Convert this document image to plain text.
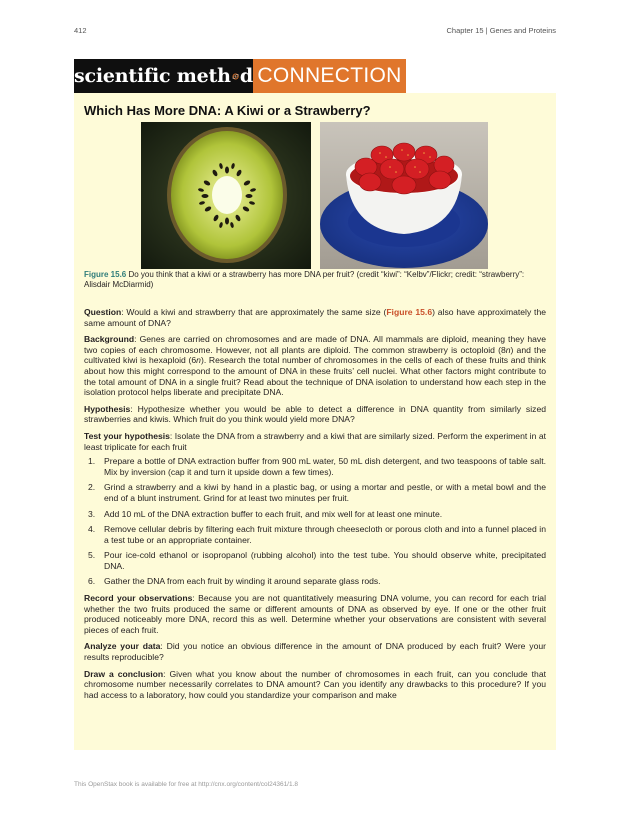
412	Chapter 15 | Genes and Proteins
scientific meth d CONNECTION
Which Has More DNA: A Kiwi or a Strawberry?
Figure 15.6 Do you think that a kiwi or a strawberry has more DNA per fruit? (credit “kiwi”: “Kelbv”/Flickr; credit: “strawberry”: Alisdair McDiarmid)

Question: Would a kiwi and strawberry that are approximately the same size (Figure 15.6) also have approximately the same amount of DNA?

Background: Genes are carried on chromosomes and are made of DNA. All mammals are diploid, meaning they have two copies of each chromosome. However, not all plants are diploid. The common strawberry is octoploid (8n) and the cultivated kiwi is hexaploid (6n). Research the total number of chromosomes in the cells of each of these fruits and think about how this might correspond to the amount of DNA in these fruits’ cell nuclei. What other factors might contribute to the total amount of DNA in a single fruit? Read about the technique of DNA isolation to understand how each step in the isolation protocol helps liberate and precipitate DNA.

Hypothesis: Hypothesize whether you would be able to detect a difference in DNA quantity from similarly sized strawberries and kiwis. Which fruit do you think would yield more DNA?

Test your hypothesis: Isolate the DNA from a strawberry and a kiwi that are similarly sized. Perform the experiment in at least triplicate for each fruit

1.	Prepare a bottle of DNA extraction buffer from 900 mL water, 50 mL dish detergent, and two teaspoons of table salt. Mix by inversion (cap it and turn it upside down a few times).
2.	Grind a strawberry and a kiwi by hand in a plastic bag, or using a mortar and pestle, or with a metal bowl and the end of a blunt instrument. Grind for at least two minutes per fruit.
3.	Add 10 mL of the DNA extraction buffer to each fruit, and mix well for at least one minute.
4.	Remove cellular debris by filtering each fruit mixture through cheesecloth or porous cloth and into a funnel placed in a test tube or an appropriate container.
5.	Pour ice-cold ethanol or isopropanol (rubbing alcohol) into the test tube. You should observe white, precipitated DNA.
6.	Gather the DNA from each fruit by winding it around separate glass rods.

Record your observations: Because you are not quantitatively measuring DNA volume, you can record for each trial whether the two fruits produced the same or different amounts of DNA as observed by eye. If one or the other fruit produced noticeably more DNA, record this as well. Determine whether your observations are consistent with several pieces of each fruit.

Analyze your data: Did you notice an obvious difference in the amount of DNA produced by each fruit? Were your results reproducible?

Draw a conclusion: Given what you know about the number of chromosomes in each fruit, can you conclude that chromosome number necessarily correlates to DNA amount? Can you identify any drawbacks to this procedure? If you had access to a laboratory, how could you standardize your comparison and make

This OpenStax book is available for free at http://cnx.org/content/col24361/1.8
